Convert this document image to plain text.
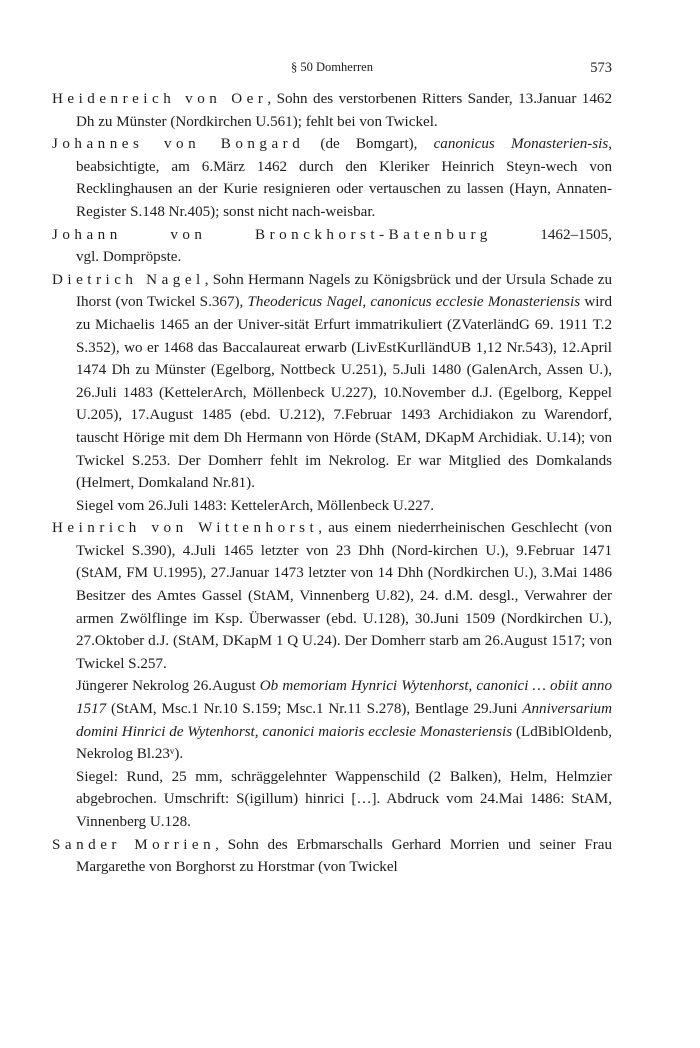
§ 50 Domherren	573

Heidenreich von Oer, Sohn des verstorbenen Ritters Sander, 13.Januar 1462 Dh zu Münster (Nordkirchen U.561); fehlt bei von Twickel.

Johannes von Bongard (de Bomgart), canonicus Monasterien-sis, beabsichtigte, am 6.März 1462 durch den Kleriker Heinrich Steyn-wech von Recklinghausen an der Kurie resignieren oder vertauschen zu lassen (Hayn, Annaten-Register S.148 Nr.405); sonst nicht nach-weisbar.

Johann	von	Bronckhorst-Batenburg	1462–1505,

vgl. Domprӧpste.

Dietrich Nagel, Sohn Hermann Nagels zu Königsbrück und der Ursula Schade zu Ihorst (von Twickel S.367), Theodericus Nagel, canonicus ecclesie Monasteriensis wird zu Michaelis 1465 an der Univer-sität Erfurt immatrikuliert (ZVaterländG 69. 1911 T.2 S.352), wo er 1468 das Baccalaureat erwarb (LivEstKurlländUB 1,12 Nr.543), 12.April 1474 Dh zu Münster (Egelborg, Nottbeck U.251), 5.Juli 1480 (GalenArch, Assen U.), 26.Juli 1483 (KettelerArch, Möllenbeck U.227), 10.November d.J. (Egelborg, Keppel U.205), 17.August 1485 (ebd. U.212), 7.Februar 1493 Archidiakon zu Warendorf, tauscht Hörige mit dem Dh Hermann von Hörde (StAM, DKapM Archidiak. U.14); von Twickel S.253. Der Domherr fehlt im Nekrolog. Er war Mitglied des Domkalands (Helmert, Domkaland Nr.81).

Siegel vom 26.Juli 1483: KettelerArch, Möllenbeck U.227.

Heinrich von Wittenhorst, aus einem niederrheinischen Geschlecht (von Twickel S.390), 4.Juli 1465 letzter von 23 Dhh (Nord-kirchen U.), 9.Februar 1471 (StAM, FM U.1995), 27.Januar 1473 letzter von 14 Dhh (Nordkirchen U.), 3.Mai 1486 Besitzer des Amtes Gassel (StAM, Vinnenberg U.82), 24. d.M. desgl., Verwahrer der armen Zwölflinge im Ksp. Überwasser (ebd. U.128), 30.Juni 1509 (Nordkirchen U.), 27.Oktober d.J. (StAM, DKapM 1 Q U.24). Der Domherr starb am 26.August 1517; von Twickel S.257.

Jüngerer Nekrolog 26.August Ob memoriam Hynrici Wytenhorst, canonici … obiit anno 1517 (StAM, Msc.1 Nr.10 S.159; Msc.1 Nr.11 S.278), Bentlage 29.Juni Anniversarium domini Hinrici de Wytenhorst, canonici maioris ecclesie Monasteriensis (LdBiblOldenb, Nekrolog Bl.23ᵛ).

Siegel: Rund, 25 mm, schräggelehnter Wappenschild (2 Balken), Helm, Helmzier abgebrochen. Umschrift: S(igillum) hinrici […]. Abdruck vom 24.Mai 1486: StAM, Vinnenberg U.128.

Sander Morrien, Sohn des Erbmarschalls Gerhard Morrien und seiner Frau Margarethe von Borghorst zu Horstmar (von Twickel
